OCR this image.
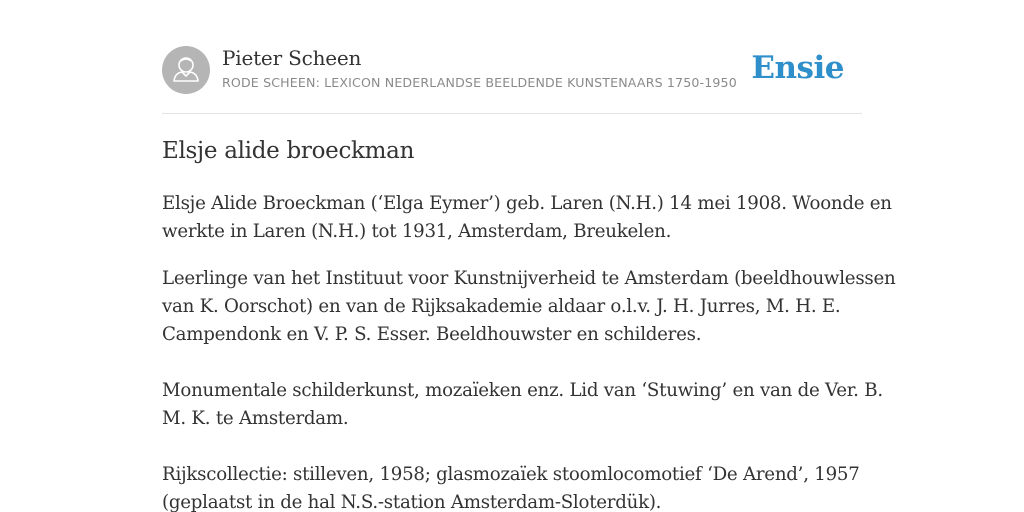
Pieter Scheen
RODE SCHEEN: LEXICON NEDERLANDSE BEELDENDE KUNSTENAARS 1750-1950 Ensie
Elsje alide broeckman

Elsje Alide Broeckman (‘Elga Eymer’) geb. Laren (N.H.) 14 mei 1908. Woonde en
werkte in Laren (N.H.) tot 1931, Amsterdam, Breukelen.

Leerlinge van het Instituut voor Kunstnijverheid te Amsterdam (beeldhouwlessen
van K. Oorschot) en van de Rijksakademie aldaar o.l.v. J. H. Jurres, M. H. E.
Campendonk en V. P. S. Esser. Beeldhouwster en schilderes.

Monumentale schilderkunst, mozaïeken enz. Lid van ‘Stuwing’ en van de Ver. B.
M. K. te Amsterdam.

Rijkscollectie: stilleven, 1958; glasmozaïek stoomlocomotief ‘De Arend’, 1957
(geplaatst in de hal N.S.-station Amsterdam-Sloterdük).
